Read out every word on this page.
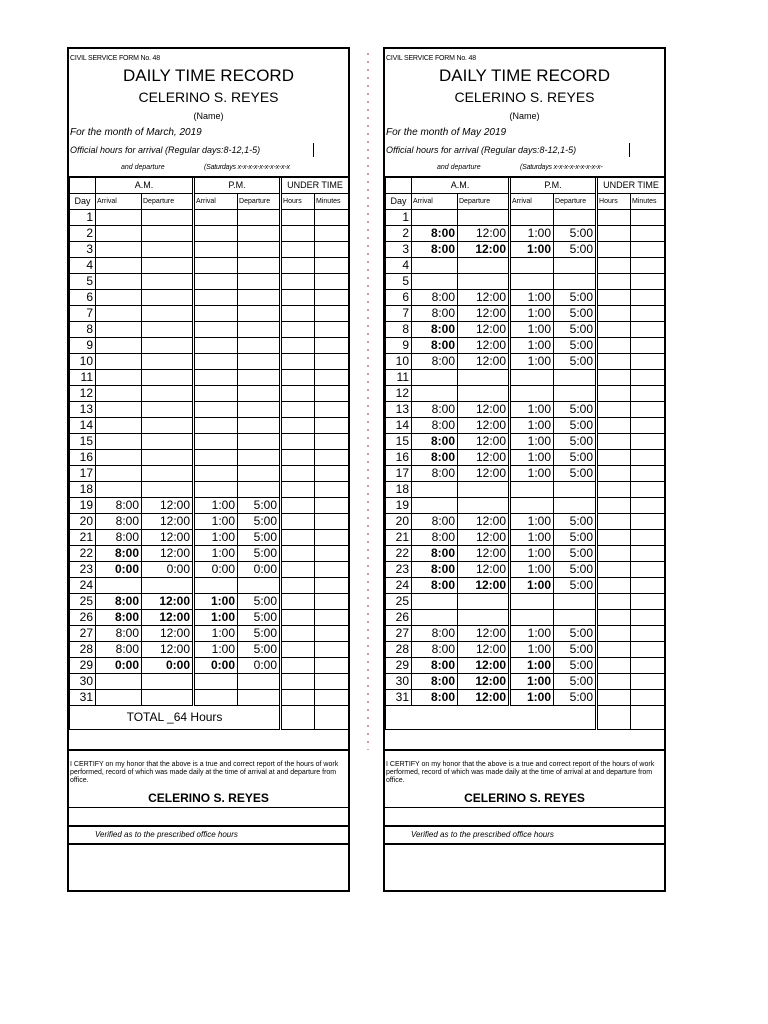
CIVIL SERVICE FORM No. 48
DAILY TIME RECORD
CELERINO S. REYES
(Name)
For the month of March, 2019
Official hours for arrival (Regular days:8-12,1-5)
and departure	(Saturdays x-x-x-x-x-x-x-x-x-x
	A.M.		P.M.		UNDER TIME	
Day	Arrival	Departure	Arrival	Departure	Hours	Minutes
1						
2						
3						
4						
5						
6						
7						
8						
9						
10						
11						
12						
13						
14						
15						
16						
17						
18						
19	8:00	12:00	1:00	5:00		
20	8:00	12:00	1:00	5:00		
21	8:00	12:00	1:00	5:00		
22	8:00	12:00	1:00	5:00		
23	0:00	0:00	0:00	0:00		
24						
25	8:00	12:00	1:00	5:00		
26	8:00	12:00	1:00	5:00		
27	8:00	12:00	1:00	5:00		
28	8:00	12:00	1:00	5:00		
29	0:00	0:00	0:00	0:00		
30						
31						
TOTAL _64 Hours						
I CERTIFY on my honor that the above is a true and correct report of the hours of work performed, record of which was made daily at the time of arrival at and departure from office.
CELERINO S. REYES
Verified as to the prescribed office hours
CIVIL SERVICE FORM No. 48
DAILY TIME RECORD
CELERINO S. REYES
(Name)
For the month of May 2019
Official hours for arrival (Regular days:8-12,1-5)
and departure	(Saturdays x-x-x-x-x-x-x-x-x-
	A.M.		P.M.		UNDER TIME	
Day	Arrival	Departure	Arrival	Departure	Hours	Minutes
1						
2	8:00	12:00	1:00	5:00		
3	8:00	12:00	1:00	5:00		
4						
5						
6	8:00	12:00	1:00	5:00		
7	8:00	12:00	1:00	5:00		
8	8:00	12:00	1:00	5:00		
9	8:00	12:00	1:00	5:00		
10	8:00	12:00	1:00	5:00		
11						
12						
13	8:00	12:00	1:00	5:00		
14	8:00	12:00	1:00	5:00		
15	8:00	12:00	1:00	5:00		
16	8:00	12:00	1:00	5:00		
17	8:00	12:00	1:00	5:00		
18						
19						
20	8:00	12:00	1:00	5:00		
21	8:00	12:00	1:00	5:00		
22	8:00	12:00	1:00	5:00		
23	8:00	12:00	1:00	5:00		
24	8:00	12:00	1:00	5:00		
25						
26						
27	8:00	12:00	1:00	5:00		
28	8:00	12:00	1:00	5:00		
29	8:00	12:00	1:00	5:00		
30	8:00	12:00	1:00	5:00		
31	8:00	12:00	1:00	5:00		

I CERTIFY on my honor that the above is a true and correct report of the hours of work performed, record of which was made daily at the time of arrival at and departure from office.
CELERINO S. REYES
Verified as to the prescribed office hours
